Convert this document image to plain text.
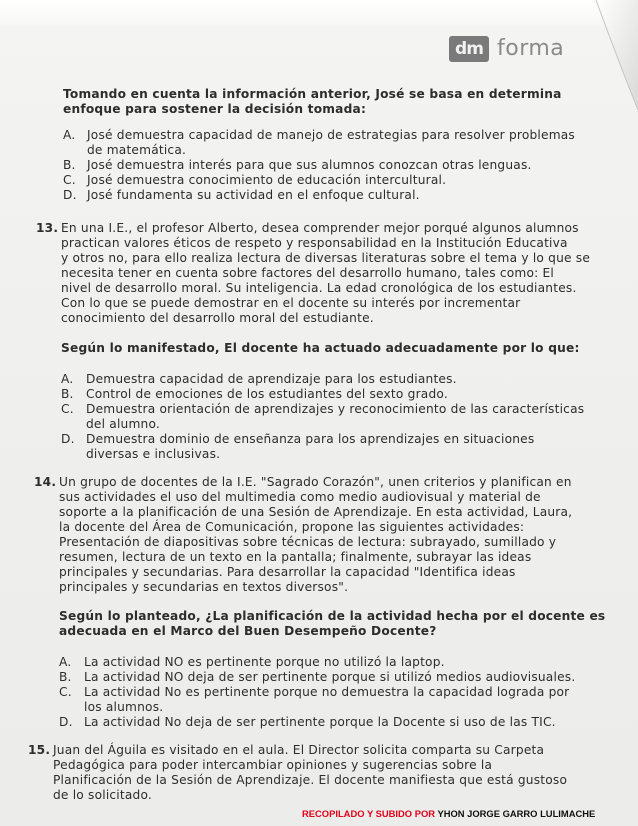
dm forma
Tomando en cuenta la información anterior, José se basa en determina
enfoque para sostener la decisión tomada:
A. José demuestra capacidad de manejo de estrategias para resolver problemas
de matemática.
B. José demuestra interés para que sus alumnos conozcan otras lenguas.
C. José demuestra conocimiento de educación intercultural.
D. José fundamenta su actividad en el enfoque cultural.
13. En una I.E., el profesor Alberto, desea comprender mejor porqué algunos alumnos
practican valores éticos de respeto y responsabilidad en la Institución Educativa
y otros no, para ello realiza lectura de diversas literaturas sobre el tema y lo que se
necesita tener en cuenta sobre factores del desarrollo humano, tales como: El
nivel de desarrollo moral. Su inteligencia. La edad cronológica de los estudiantes.
Con lo que se puede demostrar en el docente su interés por incrementar
conocimiento del desarrollo moral del estudiante.
Según lo manifestado, El docente ha actuado adecuadamente por lo que:
A. Demuestra capacidad de aprendizaje para los estudiantes.
B. Control de emociones de los estudiantes del sexto grado.
C. Demuestra orientación de aprendizajes y reconocimiento de las características
del alumno.
D. Demuestra dominio de enseñanza para los aprendizajes en situaciones
diversas e inclusivas.
14. Un grupo de docentes de la I.E. "Sagrado Corazón", unen criterios y planifican en
sus actividades el uso del multimedia como medio audiovisual y material de
soporte a la planificación de una Sesión de Aprendizaje. En esta actividad, Laura,
la docente del Área de Comunicación, propone las siguientes actividades:
Presentación de diapositivas sobre técnicas de lectura: subrayado, sumillado y
resumen, lectura de un texto en la pantalla; finalmente, subrayar las ideas
principales y secundarias. Para desarrollar la capacidad "Identifica ideas
principales y secundarias en textos diversos".
Según lo planteado, ¿La planificación de la actividad hecha por el docente es
adecuada en el Marco del Buen Desempeño Docente?
A. La actividad NO es pertinente porque no utilizó la laptop.
B. La actividad NO deja de ser pertinente porque si utilizó medios audiovisuales.
C. La actividad No es pertinente porque no demuestra la capacidad lograda por
los alumnos.
D. La actividad No deja de ser pertinente porque la Docente si uso de las TIC.
15. Juan del Águila es visitado en el aula. El Director solicita comparta su Carpeta
Pedagógica para poder intercambiar opiniones y sugerencias sobre la
Planificación de la Sesión de Aprendizaje. El docente manifiesta que está gustoso
de lo solicitado.
RECOPILADO Y SUBIDO POR YHON JORGE GARRO LULIMACHE
